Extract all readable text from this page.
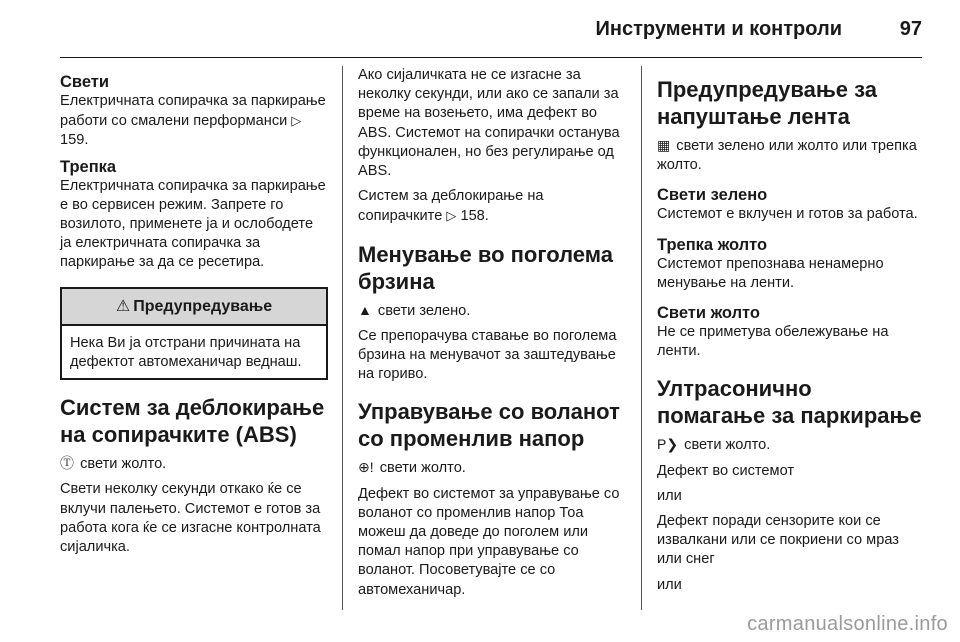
Инструменти и контроли	97
Свети

Електричната сопирачка за паркирање работи со смалени перформанси ▷ 159.

Трепка

Електричната сопирачка за паркирање е во сервисен режим. Запрете го возилото, применете ја и ослободете ја електричната сопирачка за паркирање за да се ресетира.

⚠ Предупредување
Нека Ви ја отстрани причината на дефектот автомеханичар веднаш.
Систем за деблокирање на сопирачките (ABS)

Ⓣ свети жолто.

Свети неколку секунди откако ќе се вклучи палењето. Системот е готов за работа кога ќе се изгасне контролната сијаличка.

Ако сијаличката не се изгасне за неколку секунди, или ако се запали за време на возењето, има дефект во ABS. Системот на сопирачки останува функционален, но без регулирање од ABS.

Систем за деблокирање на сопирачките ▷ 158.

Менување во поголема брзина

▲ свети зелено.

Се препорачува ставање во поголема брзина на менувачот за заштедување на гориво.

Управување со воланот со променлив напор

⊕! свети жолто.

Дефект во системот за управување со воланот со променлив напор Тоа можеш да доведе до поголем или помал напор при управување со воланот. Посоветувајте се со автомеханичар.

Предупредување за напуштање лента

▦ свети зелено или жолто или трепка жолто.

Свети зелено

Системот е вклучен и готов за работа.

Трепка жолто

Системот препознава ненамерно менување на ленти.

Свети жолто

Не се приметува обележување на ленти.

Ултрасонично помагање за паркирање

P❯ свети жолто.

Дефект во системот

или

Дефект поради сензорите кои се извалкани или се покриени со мраз или снег

или

carmanualsonline.info
